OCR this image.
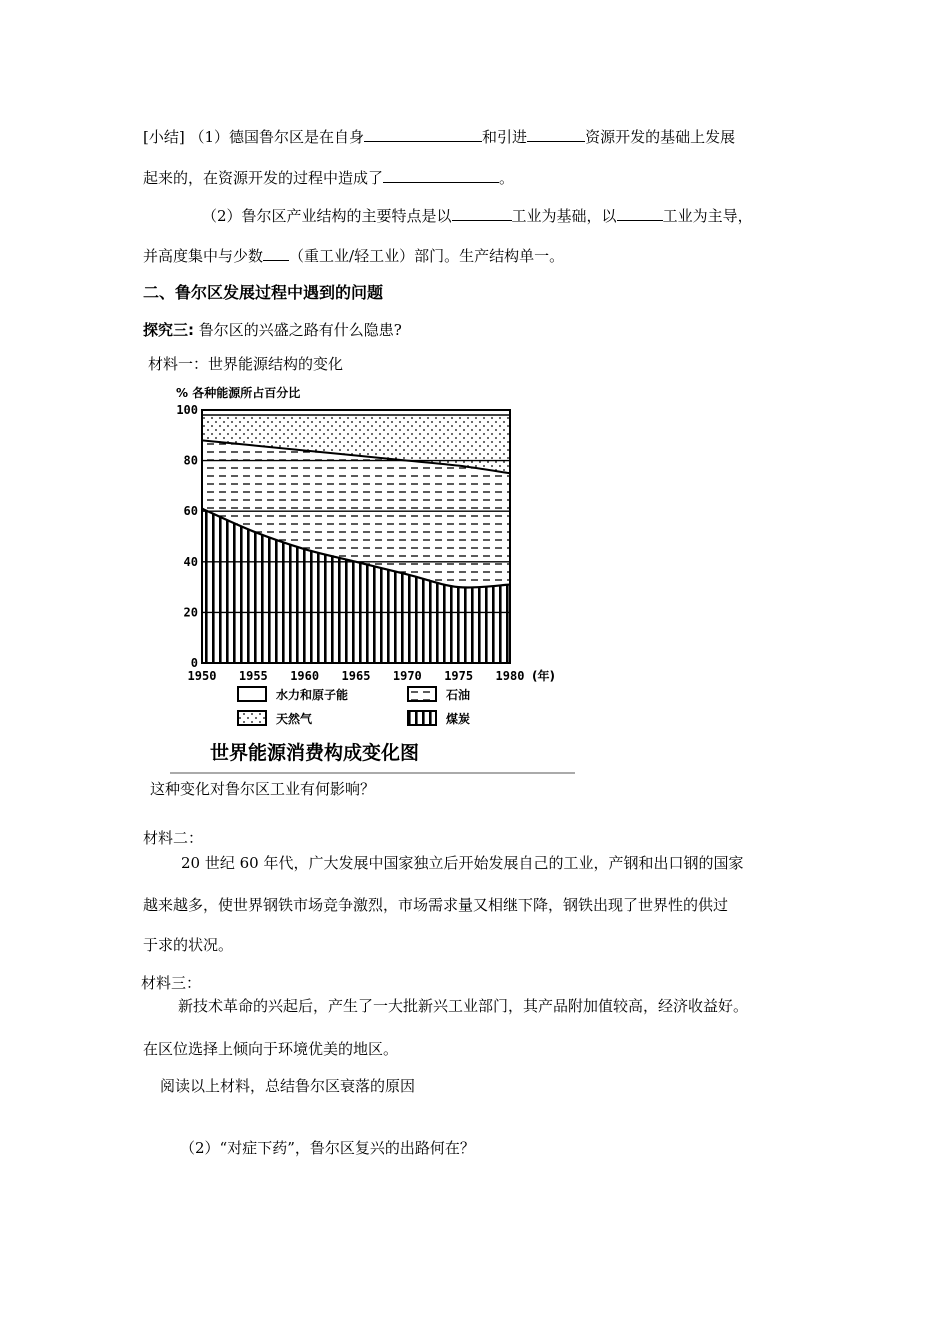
[小结] （1）德国鲁尔区是在自身	和引进	资源开发的基础上发展
起来的，在资源开发的过程中造成了	。
（2）鲁尔区产业结构的主要特点是以	工业为基础，以	工业为主导，
并高度集中与少数 （重工业/轻工业）部门。生产结构单一。
二、鲁尔区发展过程中遇到的问题
探究三: 鲁尔区的兴盛之路有什么隐患?
材料一：世界能源结构的变化
0
20
40
60
80
100
1950 1955 1960 1965 1970 1975 1980 (年)
水力和原子能	石油
天然气	煤炭
% 各种能源所占百分比
世界能源消费构成变化图
这种变化对鲁尔区工业有何影响？
材料二：
20 世纪 60 年代，广大发展中国家独立后开始发展自己的工业，产钢和出口钢的国家
越来越多，使世界钢铁市场竞争激烈，市场需求量又相继下降，钢铁出现了世界性的供过
于求的状况。
材料三：
新技术革命的兴起后，产生了一大批新兴工业部门，其产品附加值较高，经济收益好。
在区位选择上倾向于环境优美的地区。
阅读以上材料，总结鲁尔区衰落的原因
（2）“对症下药”，鲁尔区复兴的出路何在？
